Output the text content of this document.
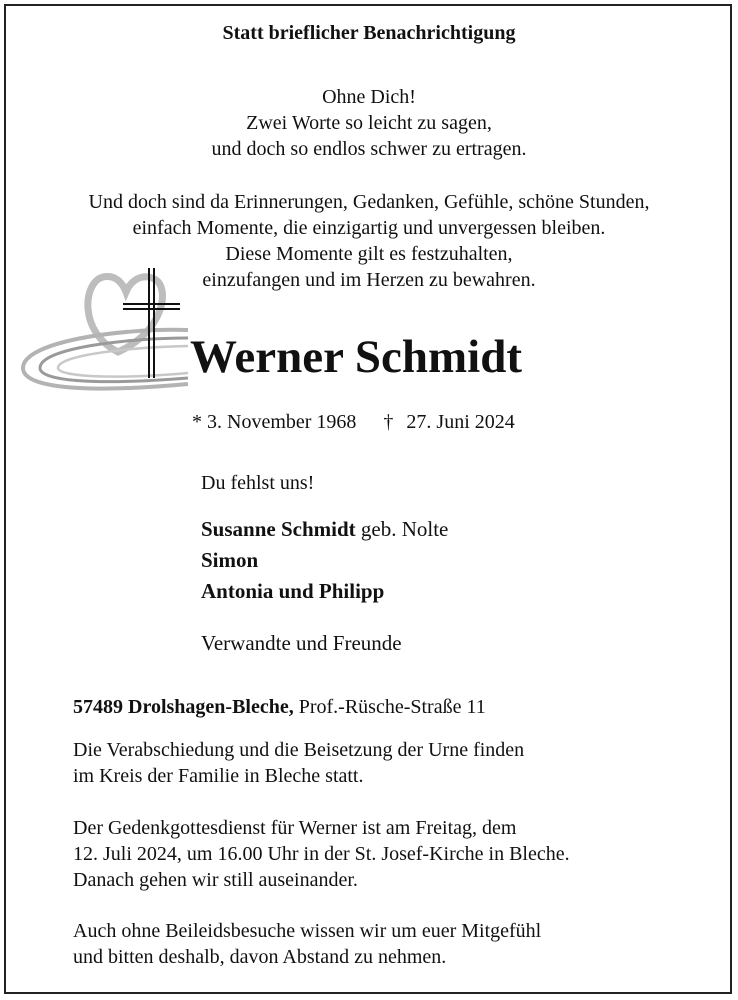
Statt brieflicher Benachrichtigung

Ohne Dich!

Zwei Worte so leicht zu sagen,

und doch so endlos schwer zu ertragen.

Und doch sind da Erinnerungen, Gedanken, Gefühle, schöne Stunden,

einfach Momente, die einzigartig und unvergessen bleiben.

Diese Momente gilt es festzuhalten,

einzufangen und im Herzen zu bewahren.

Werner Schmidt
* 3. November 1968 † 27. Juni 2024
Du fehlst uns!
Susanne Schmidt geb. Nolte
Simon
Antonia und Philipp
Verwandte und Freunde
57489 Drolshagen-Bleche, Prof.-Rüsche-Straße 11

Die Verabschiedung und die Beisetzung der Urne finden

im Kreis der Familie in Bleche statt.

Der Gedenkgottesdienst für Werner ist am Freitag, dem

12. Juli 2024, um 16.00 Uhr in der St. Josef-Kirche in Bleche.

Danach gehen wir still auseinander.

Auch ohne Beileidsbesuche wissen wir um euer Mitgefühl

und bitten deshalb, davon Abstand zu nehmen.
